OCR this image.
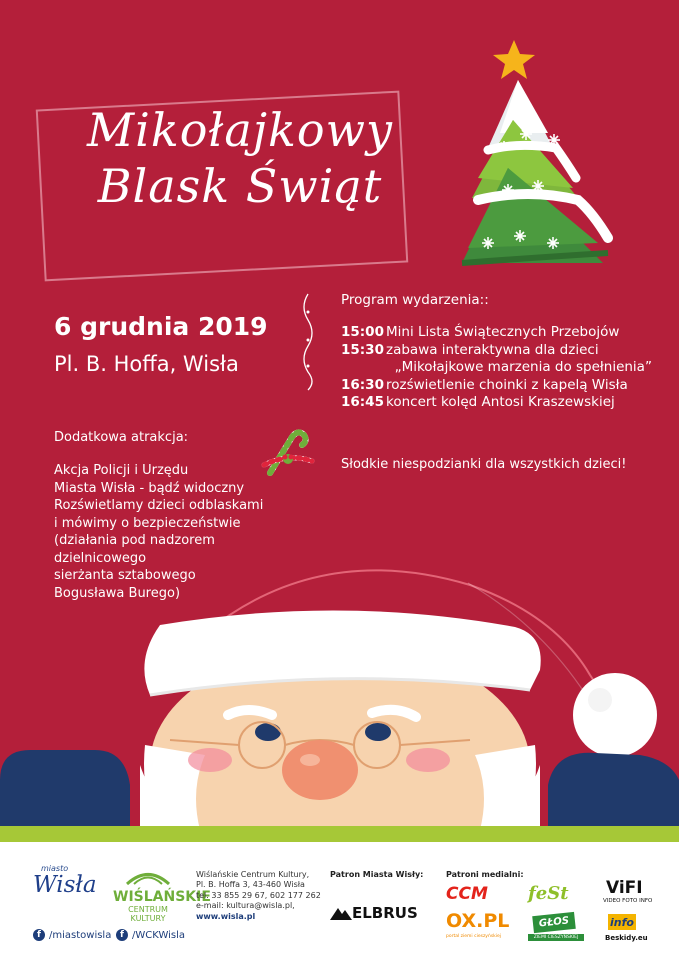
Mikołajkowy
Blask Świąt
6 grudnia 2019
Pl. B. Hoffa, Wisła
Program wydarzenia::
15:00 Mini Lista Świątecznych Przebojów
15:30 zabawa interaktywna dla dzieci
„Mikołajkowe marzenia do spełnienia”
16:30 rozświetlenie choinki z kapelą Wisła
16:45 koncert kolęd Antosi Kraszewskiej
Dodatkowa atrakcja:
Akcja Policji i Urzędu
Miasta Wisła - bądź widoczny
Rozświetlamy dzieci odblaskami
i mówimy o bezpieczeństwie
(działania pod nadzorem
dzielnicowego
sierżanta sztabowego
Bogusława Burego)
Słodkie niespodzianki dla wszystkich dzieci!
miasto
Wisła WIŚLAŃSKIE
CENTRUM KULTURY
f /miastowisla f /WCKWisla
Wiślańskie Centrum Kultury,
Pl. B. Hoffa 3, 43-460 Wisła
tel. 33 855 29 67, 602 177 262
e-mail: kultura@wisla.pl,
www.wisla.pl
Patron Miasta Wisły:
ELBRUS
Patroni medialni:
CCM feSt ViFI
VIDEO FOTO INFO
OX.PL
portal ziemi cieszyńskiej
GŁOS
ZIEMI CIESZYŃSKIEJ
info
Beskidy.eu
